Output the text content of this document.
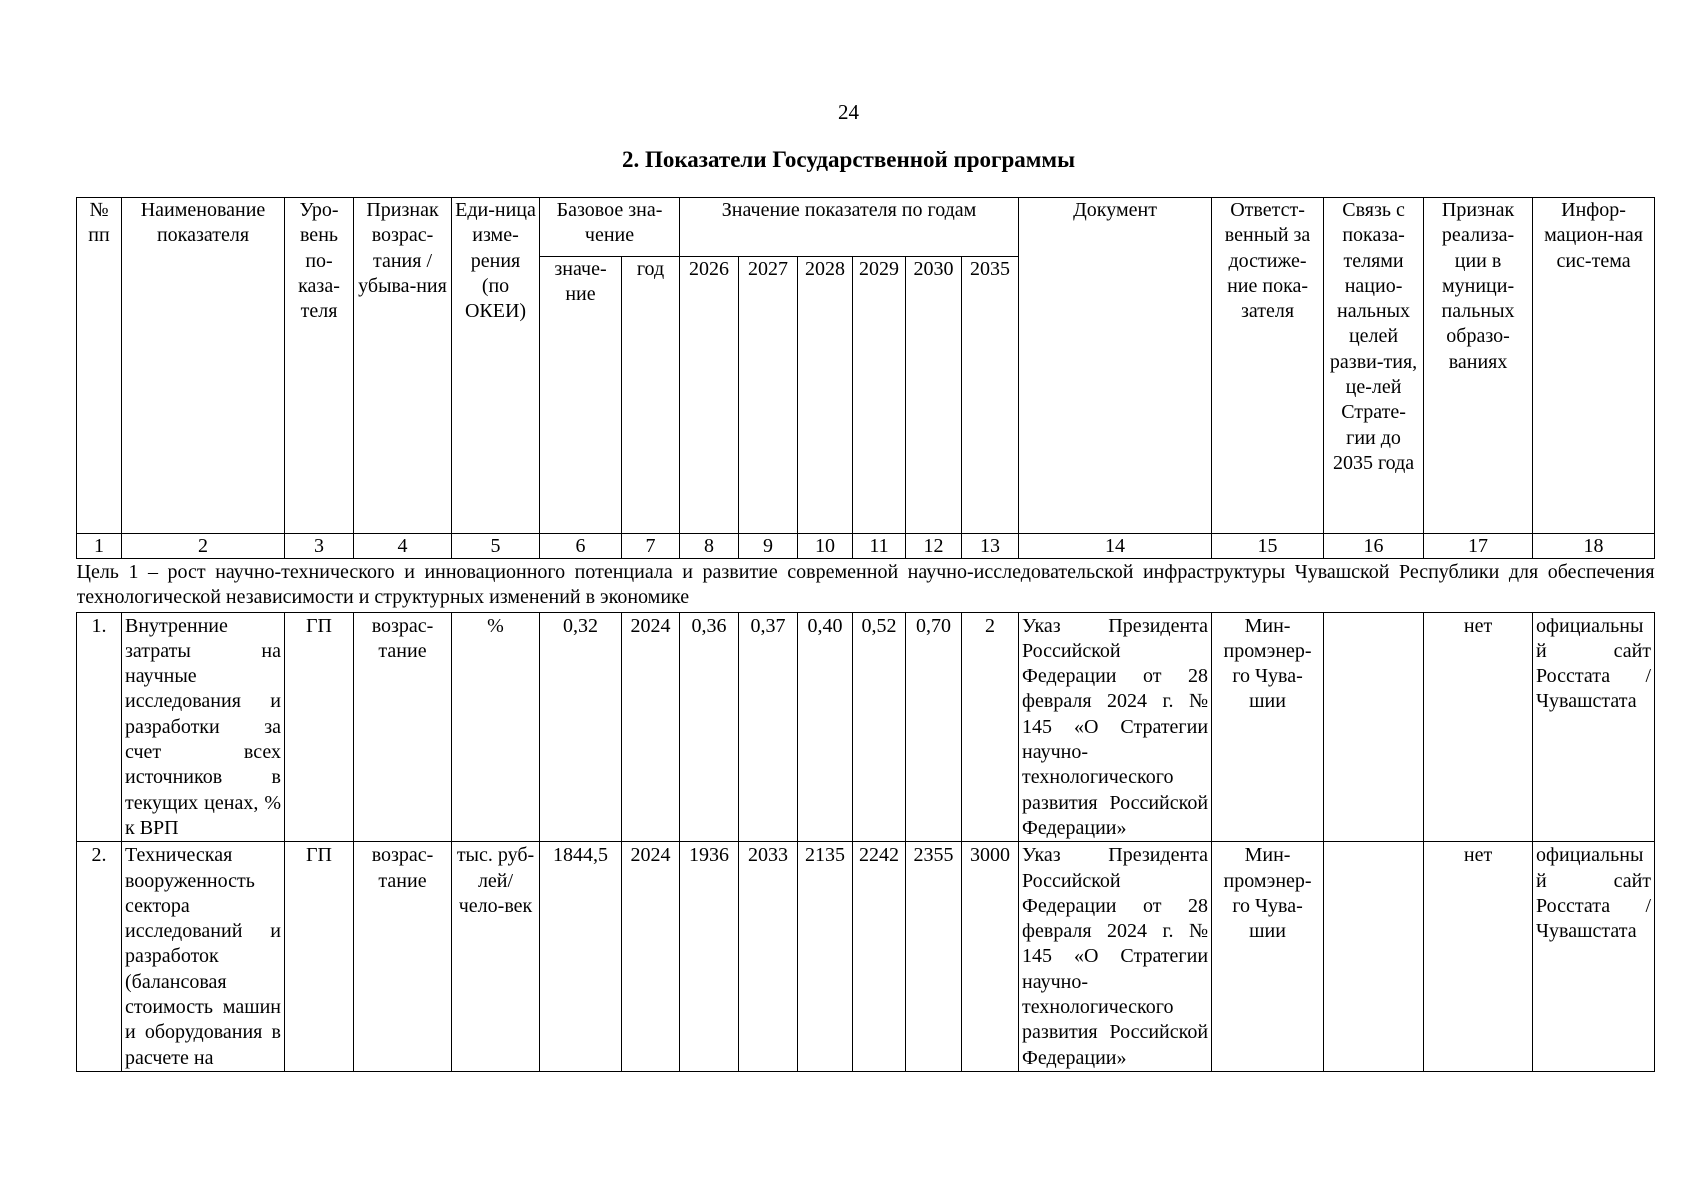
24
2. Показатели Государственной программы
№ пп	Наименование показателя	Уро-вень по-каза-теля	Признак возрас-тания / убыва-ния	Еди-ница изме-рения (по ОКЕИ)	Базовое зна-чение		Значение показателя по годам						Документ	Ответст-венный за достиже-ние пока-зателя	Связь с показа-телями нацио-нальных целей разви-тия, це-лей Страте-гии до 2035 года	Признак реализа-ции в муници-пальных образо-ваниях	Инфор-мацион-ная сис-тема
					значе-ние	год	2026	2027	2028	2029	2030	2035					
1	2	3	4	5	6	7	8	9	10	11	12	13	14	15	16	17	18
Цель 1 – рост научно-технического и инновационного потенциала и развитие современной научно-исследовательской инфраструктуры Чувашской Республики для обеспечения технологической независимости и структурных изменений в экономике																	
1.	Внутренние затраты на научные исследования и разработки за счет всех источников в текущих ценах, % к ВРП	ГП	возрас-тание	%	0,32	2024	0,36	0,37	0,40	0,52	0,70	2	Указ Президента Российской Федерации от 28 февраля 2024 г. № 145 «О Стратегии научно-технологического развития Российской Федерации»	Мин-промэнер-го Чува-шии		нет	официальный сайт Росстата / Чувашстата
2.	Техническая вооруженность сектора исследований и разработок (балансовая стоимость машин и оборудования в расчете на	ГП	возрас-тание	тыс. руб-лей/ чело-век	1844,5	2024	1936	2033	2135	2242	2355	3000	Указ Президента Российской Федерации от 28 февраля 2024 г. № 145 «О Стратегии научно-технологического развития Российской Федерации»	Мин-промэнер-го Чува-шии		нет	официальный сайт Росстата / Чувашстата
